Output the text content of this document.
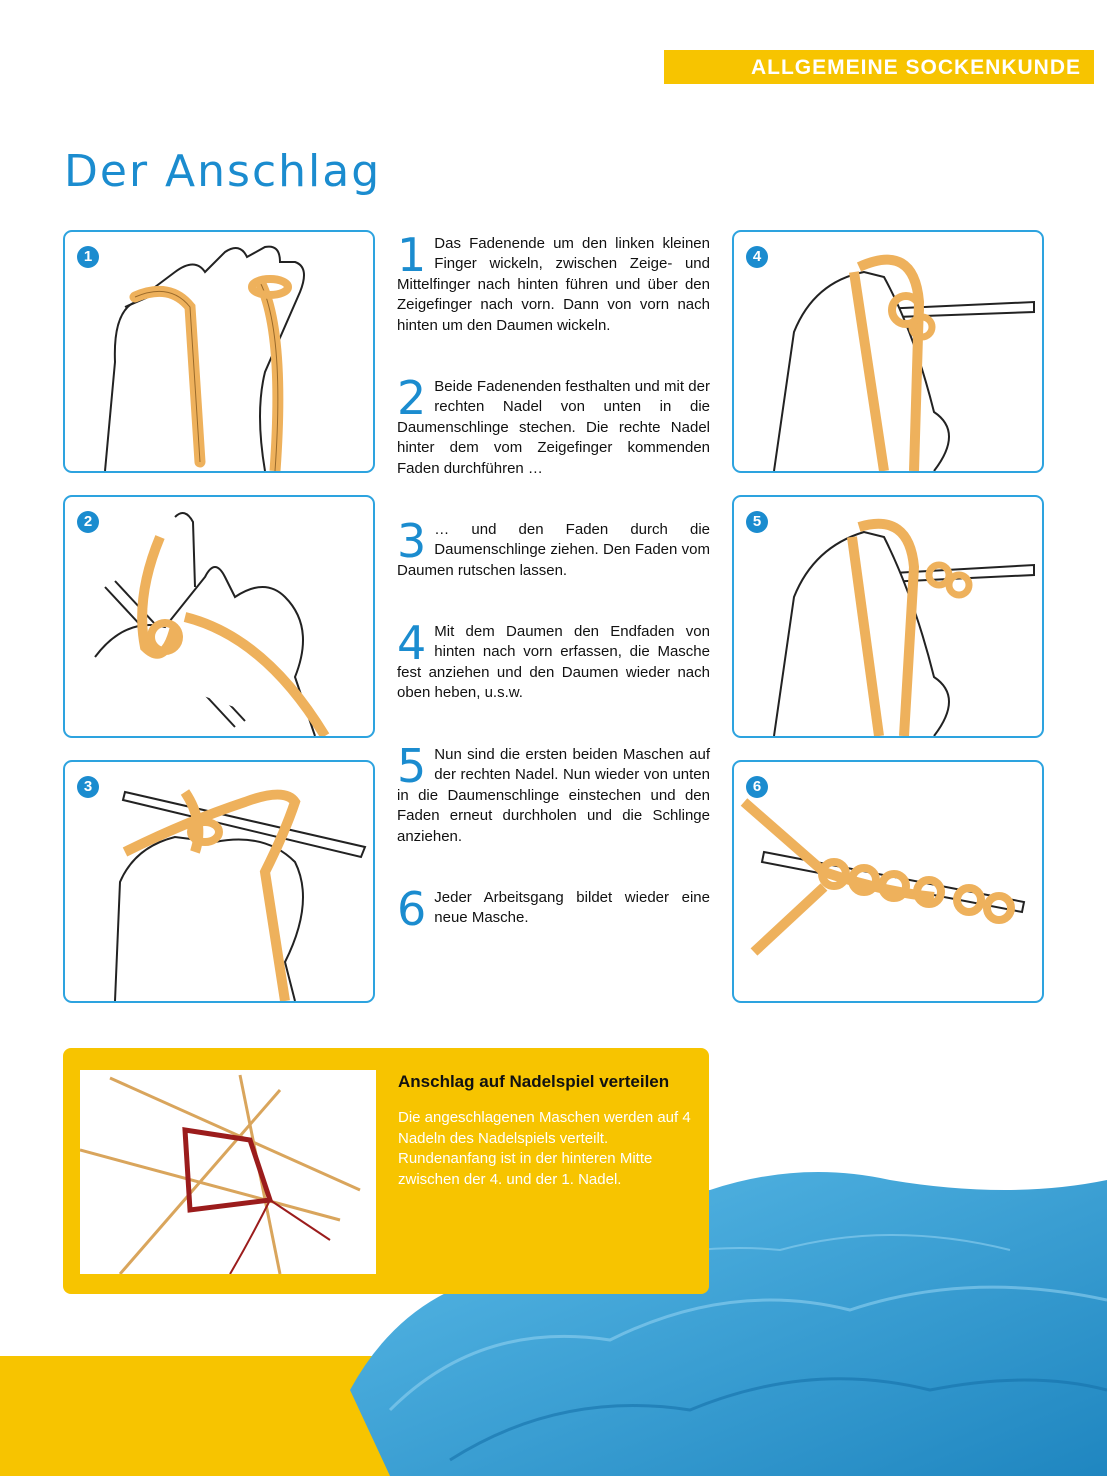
ALLGEMEINE SOCKENKUNDE
Der Anschlag
1
2
3
4
5
6
1 Das Fadenende um den linken kleinen Finger wickeln, zwischen Zeige- und Mittelfinger nach hinten führen und über den Zeigefinger nach vorn. Dann von vorn nach hinten um den Daumen wickeln.
2 Beide Fadenenden festhalten und mit der rechten Nadel von unten in die Daumenschlinge stechen. Die rechte Nadel hinter dem vom Zeigefinger kommenden Faden durchführen …
3 … und den Faden durch die Daumenschlinge ziehen. Den Faden vom Daumen rutschen lassen.
4 Mit dem Daumen den Endfaden von hinten nach vorn erfassen, die Masche fest anziehen und den Daumen wieder nach oben heben, u.s.w.
5 Nun sind die ersten beiden Maschen auf der rechten Nadel. Nun wieder von unten in die Daumenschlinge einstechen und den Faden erneut durchholen und die Schlinge anziehen.
6 Jeder Arbeitsgang bildet wieder eine neue Masche.
Anschlag auf Nadelspiel verteilen
Die angeschlagenen Maschen werden auf 4 Nadeln des Nadelspiels verteilt. Rundenanfang ist in der hinteren Mitte zwischen der 4. und der 1. Nadel.
